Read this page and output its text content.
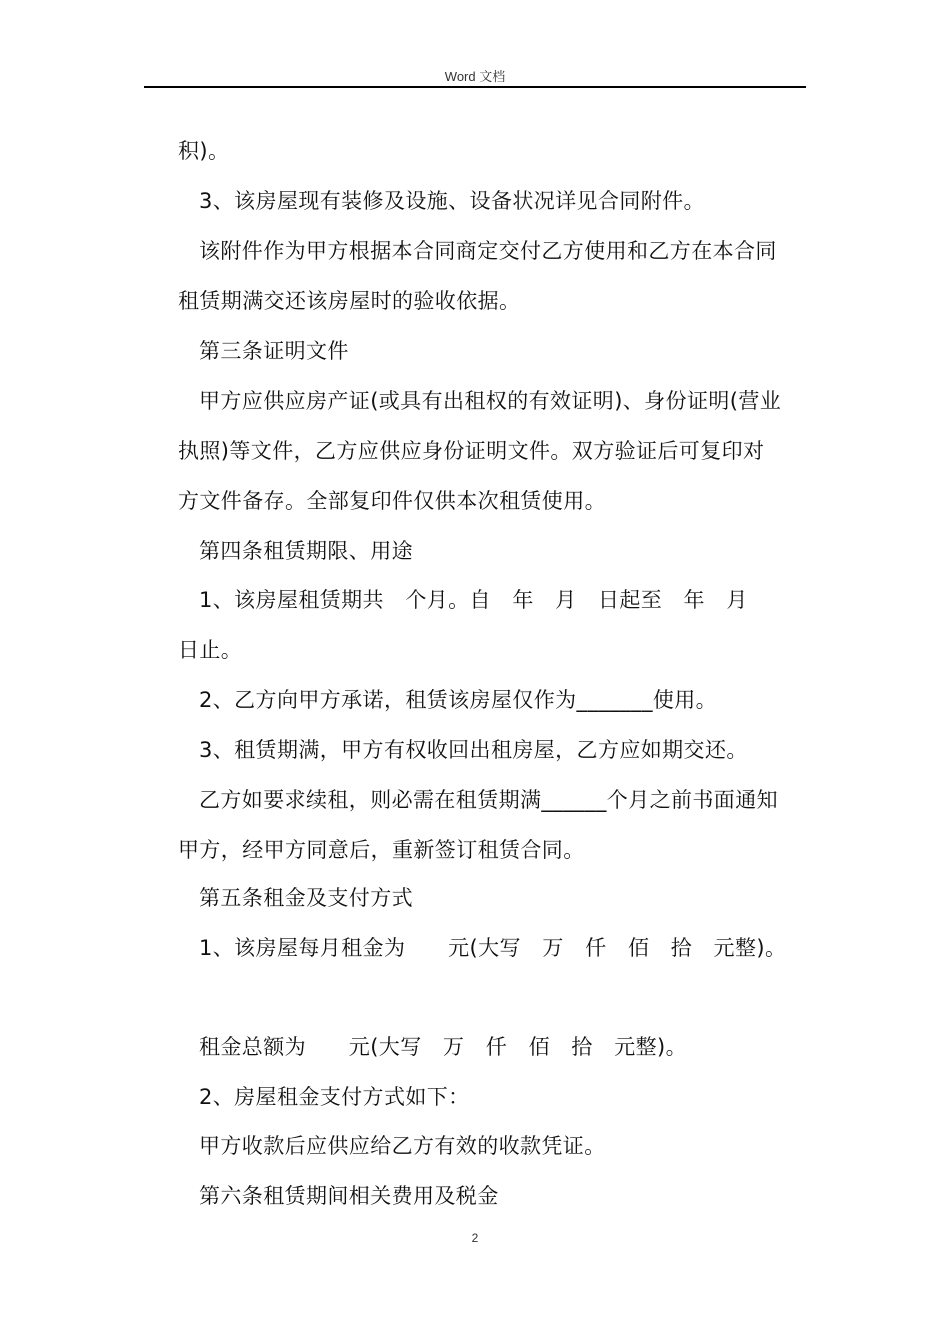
Word 文档
积)。
3、该房屋现有装修及设施、设备状况详见合同附件。
该附件作为甲方根据本合同商定交付乙方使用和乙方在本合同
租赁期满交还该房屋时的验收依据。
第三条证明文件
甲方应供应房产证(或具有出租权的有效证明)、身份证明(营业
执照)等文件，乙方应供应身份证明文件。双方验证后可复印对
方文件备存。全部复印件仅供本次租赁使用。
第四条租赁期限、用途
1、该房屋租赁期共　个月。自　年　月　日起至　年　月
日止。
2、乙方向甲方承诺，租赁该房屋仅作为_______使用。
3、租赁期满，甲方有权收回出租房屋，乙方应如期交还。
乙方如要求续租，则必需在租赁期满______个月之前书面通知
甲方，经甲方同意后，重新签订租赁合同。
第五条租金及支付方式
1、该房屋每月租金为　　元(大写　万　仟　佰　拾　元整)。
租金总额为　　元(大写　万　仟　佰　拾　元整)。
2、房屋租金支付方式如下：
甲方收款后应供应给乙方有效的收款凭证。
第六条租赁期间相关费用及税金
2
